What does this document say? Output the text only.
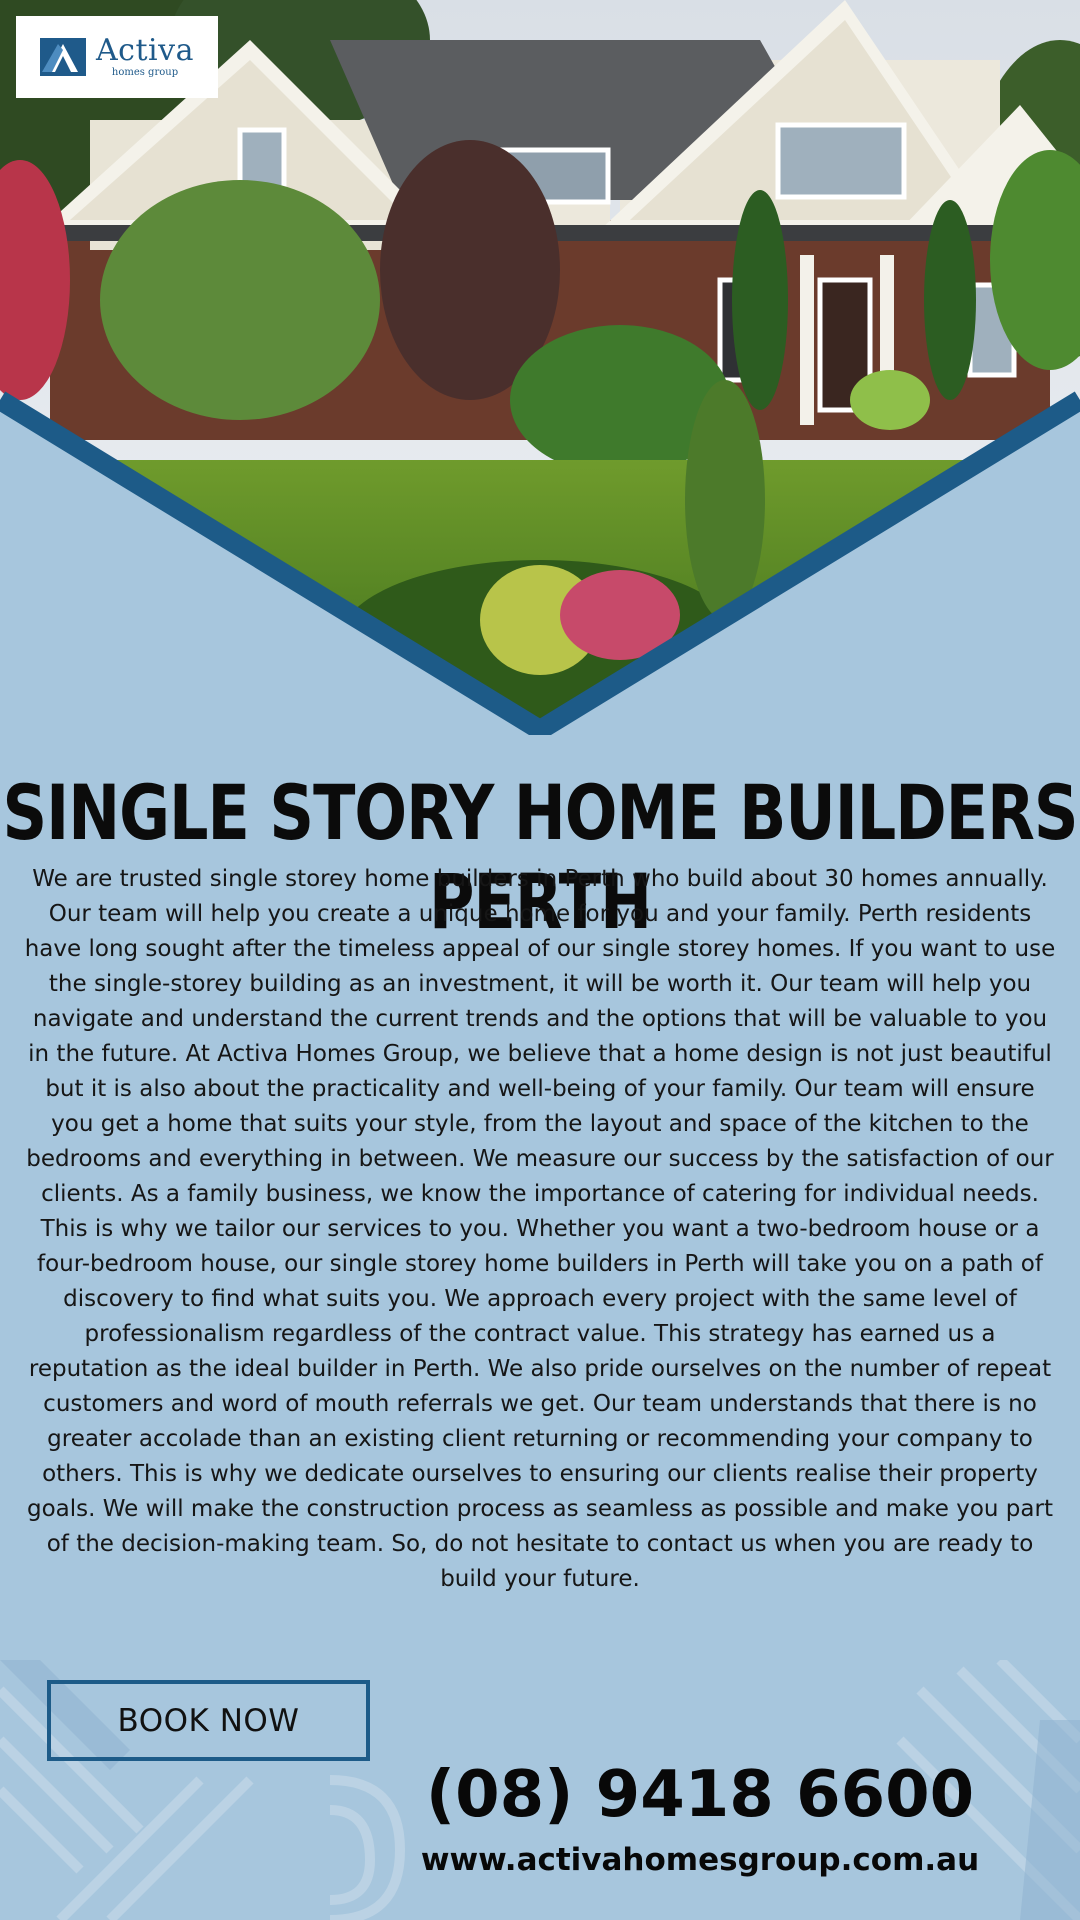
Activa
homes group
SINGLE STORY HOME BUILDERS PERTH

We are trusted single storey home builders in Perth who build about 30 homes annually. Our team will help you create a unique home for you and your family. Perth residents have long sought after the timeless appeal of our single storey homes. If you want to use the single-storey building as an investment, it will be worth it. Our team will help you navigate and understand the current trends and the options that will be valuable to you in the future. At Activa Homes Group, we believe that a home design is not just beautiful but it is also about the practicality and well-being of your family. Our team will ensure you get a home that suits your style, from the layout and space of the kitchen to the bedrooms and everything in between. We measure our success by the satisfaction of our clients. As a family business, we know the importance of catering for individual needs. This is why we tailor our services to you. Whether you want a two-bedroom house or a four-bedroom house, our single storey home builders in Perth will take you on a path of discovery to find what suits you. We approach every project with the same level of professionalism regardless of the contract value. This strategy has earned us a reputation as the ideal builder in Perth. We also pride ourselves on the number of repeat customers and word of mouth referrals we get. Our team understands that there is no greater accolade than an existing client returning or recommending your company to others. This is why we dedicate ourselves to ensuring our clients realise their property goals. We will make the construction process as seamless as possible and make you part of the decision-making team. So, do not hesitate to contact us when you are ready to build your future.

BOOK NOW
(08) 9418 6600
www.activahomesgroup.com.au
